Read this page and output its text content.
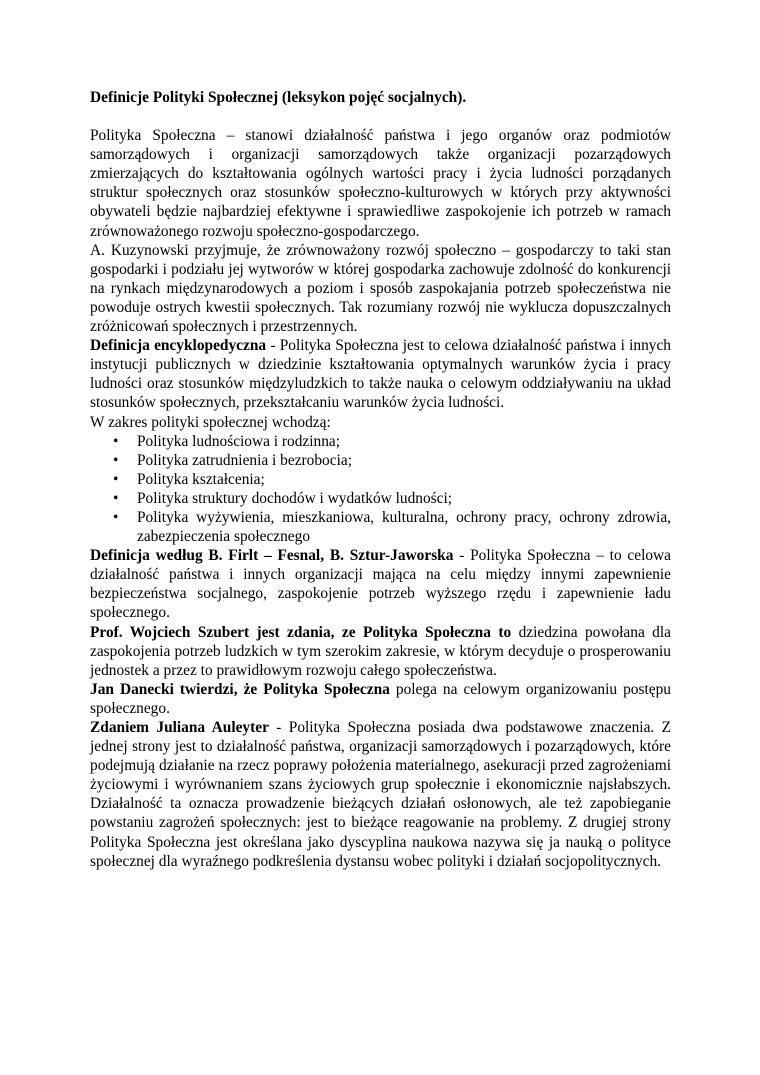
Definicje Polityki Społecznej (leksykon pojęć socjalnych).

Polityka Społeczna – stanowi działalność państwa i jego organów oraz podmiotów samorządowych i organizacji samorządowych także organizacji pozarządowych zmierzających do kształtowania ogólnych wartości pracy i życia ludności porządanych struktur społecznych oraz stosunków społeczno-kulturowych w których przy aktywności obywateli będzie najbardziej efektywne i sprawiedliwe zaspokojenie ich potrzeb w ramach zrównoważonego rozwoju społeczno-gospodarczego.

A. Kuzynowski przyjmuje, że zrównoważony rozwój społeczno – gospodarczy to taki stan gospodarki i podziału jej wytworów w której gospodarka zachowuje zdolność do konkurencji na rynkach międzynarodowych a poziom i sposób zaspokajania potrzeb społeczeństwa nie powoduje ostrych kwestii społecznych. Tak rozumiany rozwój nie wyklucza dopuszczalnych zróżnicowań społecznych i przestrzennych.

Definicja encyklopedyczna - Polityka Społeczna jest to celowa działalność państwa i innych instytucji publicznych w dziedzinie kształtowania optymalnych warunków życia i pracy ludności oraz stosunków międzyludzkich to także nauka o celowym oddziaływaniu na układ stosunków społecznych, przekształcaniu warunków życia ludności.

W zakres polityki społecznej wchodzą:

• Polityka ludnościowa i rodzinna;
• Polityka zatrudnienia i bezrobocia;
• Polityka kształcenia;
• Polityka struktury dochodów i wydatków ludności;
• Polityka wyżywienia, mieszkaniowa, kulturalna, ochrony pracy, ochrony zdrowia, zabezpieczenia społecznego

Definicja według B. Firlt – Fesnal, B. Sztur-Jaworska - Polityka Społeczna – to celowa działalność państwa i innych organizacji mająca na celu między innymi zapewnienie bezpieczeństwa socjalnego, zaspokojenie potrzeb wyższego rzędu i zapewnienie ładu społecznego.

Prof. Wojciech Szubert jest zdania, ze Polityka Społeczna to dziedzina powołana dla zaspokojenia potrzeb ludzkich w tym szerokim zakresie, w którym decyduje o prosperowaniu jednostek a przez to prawidłowym rozwoju całego społeczeństwa.

Jan Danecki twierdzi, że Polityka Społeczna polega na celowym organizowaniu postępu społecznego.

Zdaniem Juliana Auleyter - Polityka Społeczna posiada dwa podstawowe znaczenia. Z jednej strony jest to działalność państwa, organizacji samorządowych i pozarządowych, które podejmują działanie na rzecz poprawy położenia materialnego, asekuracji przed zagrożeniami życiowymi i wyrównaniem szans życiowych grup społecznie i ekonomicznie najsłabszych. Działalność ta oznacza prowadzenie bieżących działań osłonowych, ale też zapobieganie powstaniu zagrożeń społecznych: jest to bieżące reagowanie na problemy. Z drugiej strony Polityka Społeczna jest określana jako dyscyplina naukowa nazywa się ja nauką o polityce społecznej dla wyraźnego podkreślenia dystansu wobec polityki i działań socjopolitycznych.
